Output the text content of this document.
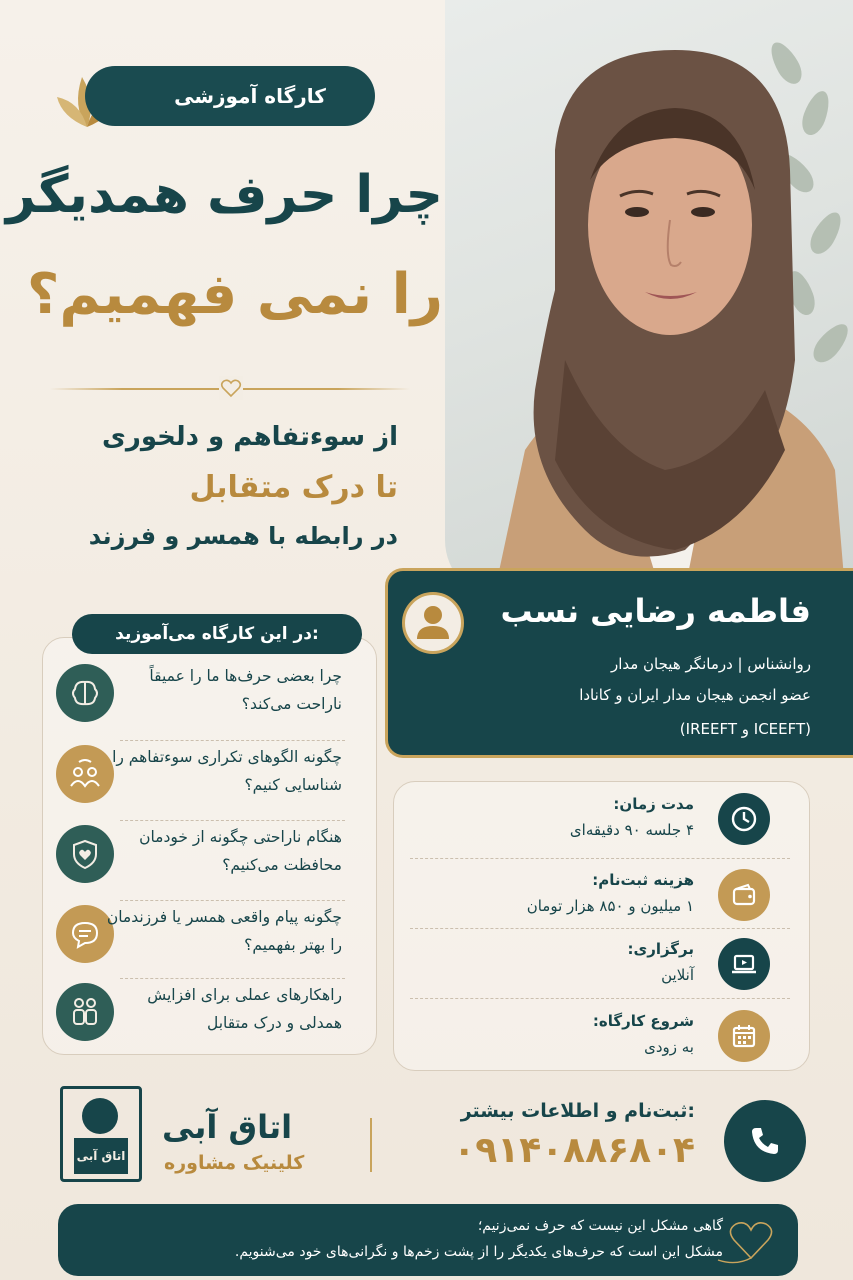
کارگاه آموزشی
چرا حرف همدیگر
را نمی فهمیم؟
از سوءتفاهم و دلخوری
تا درک متقابل
در رابطه با همسر و فرزند
فاطمه رضایی نسب
روانشناس | درمانگر هیجان مدار
عضو انجمن هیجان مدار ایران و کانادا
(IREEFT و ICEEFT)
در این کارگاه می‌آموزید:
چرا بعضی حرف‌ها ما را عمیقاً ناراحت می‌کند؟
چگونه الگوهای تکراری سوءتفاهم را شناسایی کنیم؟
هنگام ناراحتی چگونه از خودمان محافظت می‌کنیم؟
چگونه پیام واقعی همسر یا فرزندمان را بهتر بفهمیم؟
راهکارهای عملی برای افزایش همدلی و درک متقابل
مدت زمان:
۴ جلسه ۹۰ دقیقه‌ای
هزینه ثبت‌نام:
۱ میلیون و ۸۵۰ هزار تومان
برگزاری:
آنلاین
شروع کارگاه:
به زودی
اتاق آبی
اتاق آبی
کلینیک مشاوره
ثبت‌نام و اطلاعات بیشتر:
۰۹۱۴۰۸۸۶۸۰۴
گاهی مشکل این نیست که حرف نمی‌زنیم؛
مشکل این است که حرف‌های یکدیگر را از پشت زخم‌ها و نگرانی‌های خود می‌شنویم.
